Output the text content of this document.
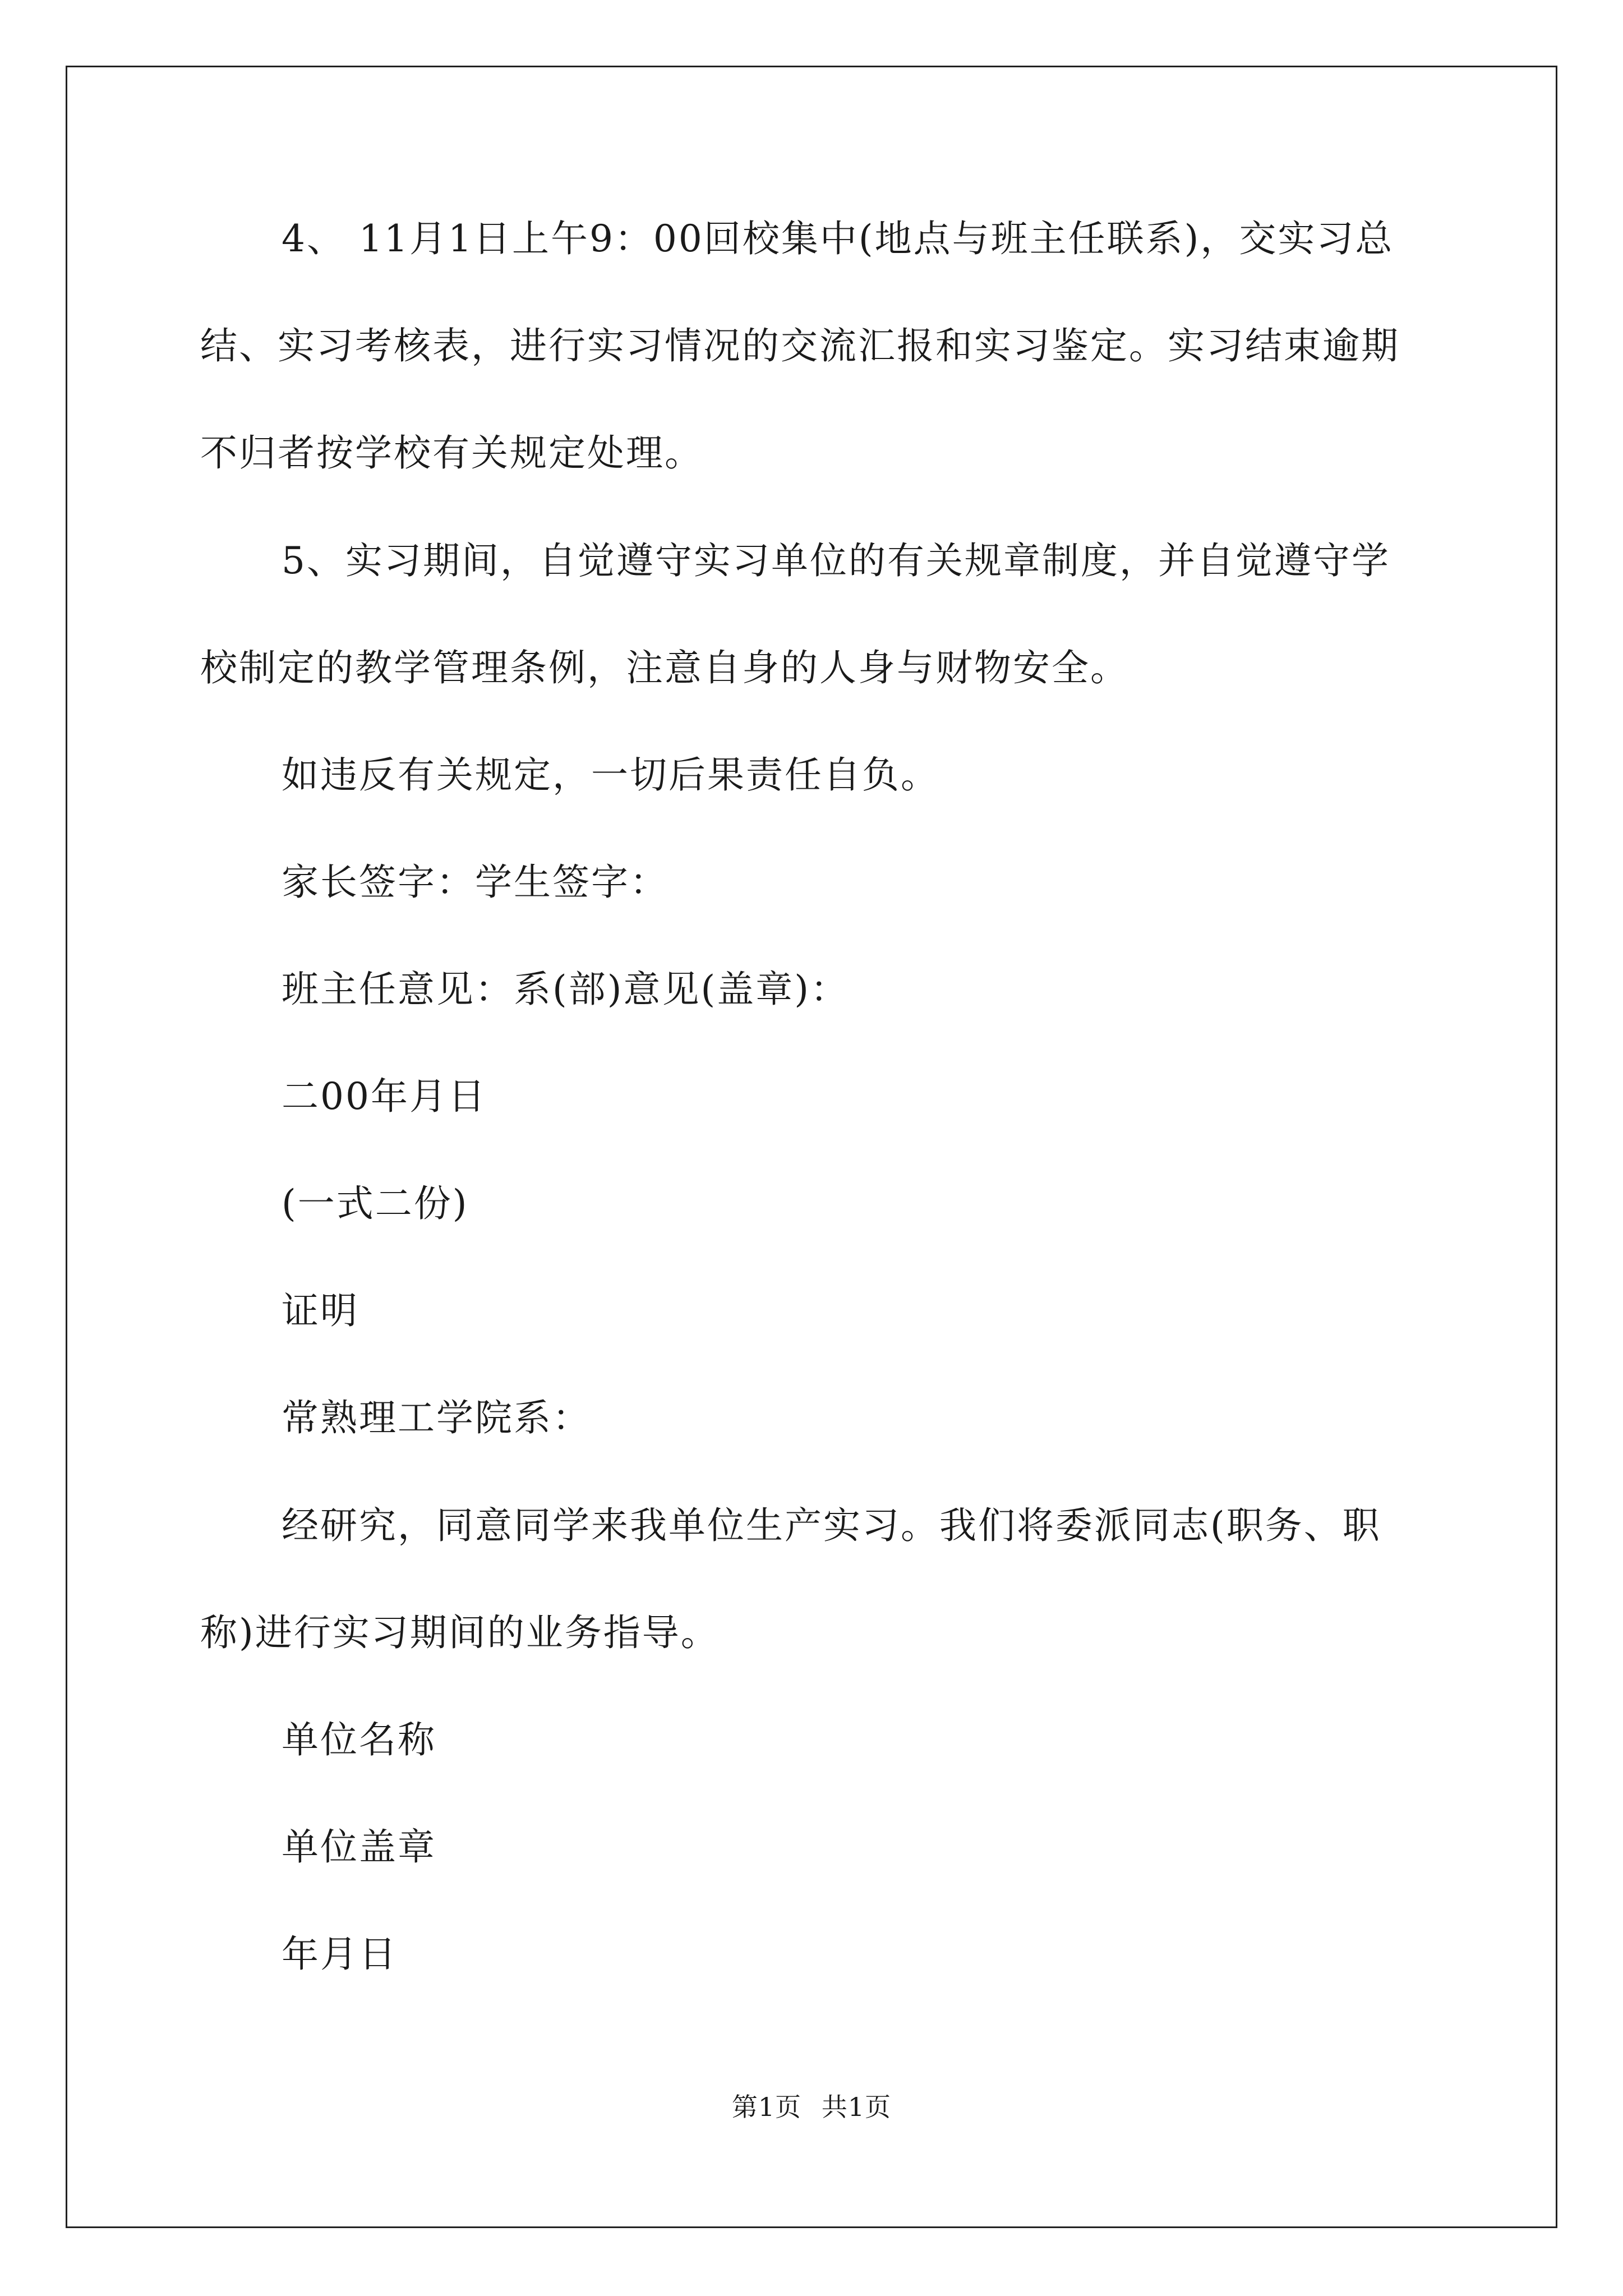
4、 11月1日上午9：00回校集中(地点与班主任联系)，交实习总结、实习考核表，进行实习情况的交流汇报和实习鉴定。实习结束逾期不归者按学校有关规定处理。

5、实习期间，自觉遵守实习单位的有关规章制度，并自觉遵守学校制定的教学管理条例，注意自身的人身与财物安全。

如违反有关规定，一切后果责任自负。

家长签字：学生签字：

班主任意见：系(部)意见(盖章)：

二00年月日

(一式二份)

证明

常熟理工学院系：

经研究，同意同学来我单位生产实习。我们将委派同志(职务、职称)进行实习期间的业务指导。

单位名称

单位盖章

年月日

第1页 共1页
